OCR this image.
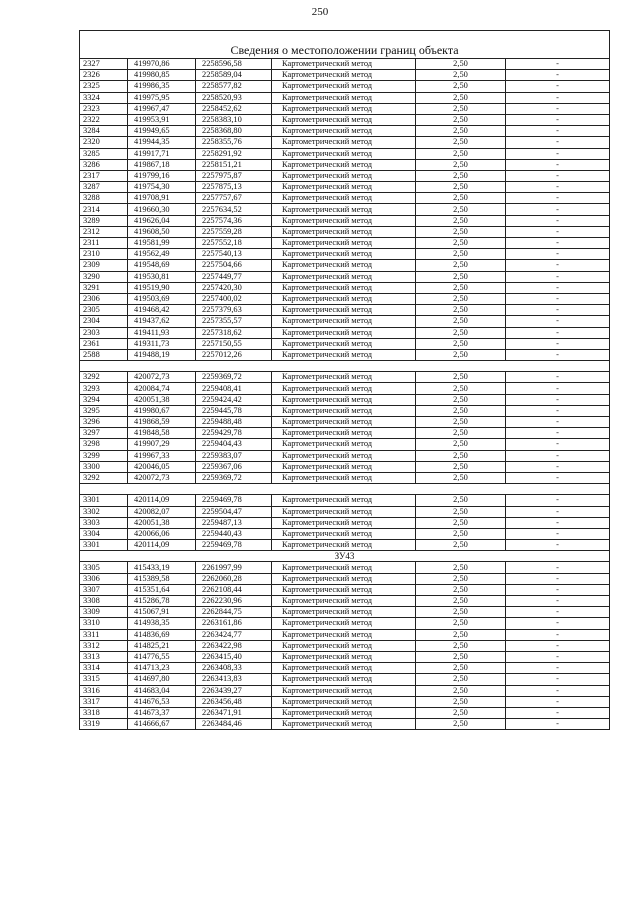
250
Сведения о местоположении границ объекта					
2327	419970,86	2258596,58	Картометрический метод	2,50	-
2326	419980,85	2258589,04	Картометрический метод	2,50	-
2325	419986,35	2258577,82	Картометрический метод	2,50	-
3324	419975,95	2258520,93	Картометрический метод	2,50	-
2323	419967,47	2258452,62	Картометрический метод	2,50	-
2322	419953,91	2258383,10	Картометрический метод	2,50	-
3284	419949,65	2258368,80	Картометрический метод	2,50	-
2320	419944,35	2258355,76	Картометрический метод	2,50	-
3285	419917,71	2258291,92	Картометрический метод	2,50	-
3286	419867,18	2258151,21	Картометрический метод	2,50	-
2317	419799,16	2257975,87	Картометрический метод	2,50	-
3287	419754,30	2257875,13	Картометрический метод	2,50	-
3288	419708,91	2257757,67	Картометрический метод	2,50	-
2314	419660,30	2257634,52	Картометрический метод	2,50	-
3289	419626,04	2257574,36	Картометрический метод	2,50	-
2312	419608,50	2257559,28	Картометрический метод	2,50	-
2311	419581,99	2257552,18	Картометрический метод	2,50	-
2310	419562,49	2257540,13	Картометрический метод	2,50	-
2309	419548,69	2257504,66	Картометрический метод	2,50	-
3290	419530,81	2257449,77	Картометрический метод	2,50	-
3291	419519,90	2257420,30	Картометрический метод	2,50	-
2306	419503,69	2257400,02	Картометрический метод	2,50	-
2305	419468,42	2257379,63	Картометрический метод	2,50	-
2304	419437,62	2257355,57	Картометрический метод	2,50	-
2303	419411,93	2257318,62	Картометрический метод	2,50	-
2361	419311,73	2257150,55	Картометрический метод	2,50	-
2588	419488,19	2257012,26	Картометрический метод	2,50	-

3292	420072,73	2259369,72	Картометрический метод	2,50	-
3293	420084,74	2259408,41	Картометрический метод	2,50	-
3294	420051,38	2259424,42	Картометрический метод	2,50	-
3295	419980,67	2259445,78	Картометрический метод	2,50	-
3296	419868,59	2259488,48	Картометрический метод	2,50	-
3297	419848,58	2259429,78	Картометрический метод	2,50	-
3298	419907,29	2259404,43	Картометрический метод	2,50	-
3299	419967,33	2259383,07	Картометрический метод	2,50	-
3300	420046,05	2259367,06	Картометрический метод	2,50	-
3292	420072,73	2259369,72	Картометрический метод	2,50	-

3301	420114,09	2259469,78	Картометрический метод	2,50	-
3302	420082,07	2259504,47	Картометрический метод	2,50	-
3303	420051,38	2259487,13	Картометрический метод	2,50	-
3304	420066,06	2259440,43	Картометрический метод	2,50	-
3301	420114,09	2259469,78	Картометрический метод	2,50	-
ЗУ43					
3305	415433,19	2261997,99	Картометрический метод	2,50	-
3306	415389,58	2262060,28	Картометрический метод	2,50	-
3307	415351,64	2262108,44	Картометрический метод	2,50	-
3308	415286,78	2262230,96	Картометрический метод	2,50	-
3309	415067,91	2262844,75	Картометрический метод	2,50	-
3310	414938,35	2263161,86	Картометрический метод	2,50	-
3311	414836,69	2263424,77	Картометрический метод	2,50	-
3312	414825,21	2263422,98	Картометрический метод	2,50	-
3313	414776,55	2263415,40	Картометрический метод	2,50	-
3314	414713,23	2263408,33	Картометрический метод	2,50	-
3315	414697,80	2263413,83	Картометрический метод	2,50	-
3316	414683,04	2263439,27	Картометрический метод	2,50	-
3317	414676,53	2263456,48	Картометрический метод	2,50	-
3318	414673,37	2263471,91	Картометрический метод	2,50	-
3319	414666,67	2263484,46	Картометрический метод	2,50	-
